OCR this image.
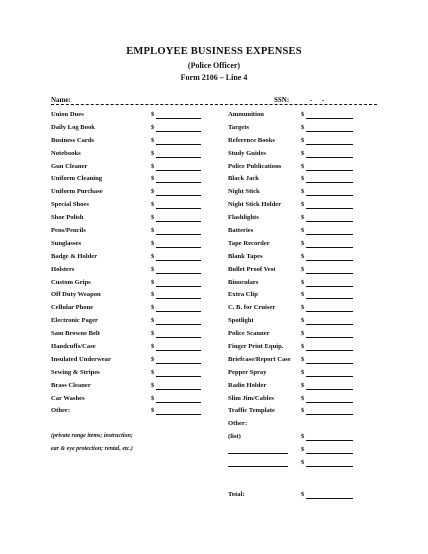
EMPLOYEE BUSINESS EXPENSES
(Police Officer)
Form 2106 – Line 4
Name:	SSN:	-    -
Union Dues	$
Daily Log Book	$
Business Cards	$
Notebooks	$
Gun Cleaner	$
Uniform Cleaning	$
Uniform Purchase	$
Special Shoes	$
Shoe Polish	$
Pens/Pencils	$
Sunglasses	$
Badge & Holder	$
Holsters	$
Custom Grips	$
Off Duty Weapon	$
Cellular Phone	$
Electronic Pager	$
Sam Browne Belt	$
Handcuffs/Case	$
Insulated Underwear	$
Sewing & Stripes	$
Brass Cleaner	$
Car Washes	$
Other:	$
Ammunition	$
Targets	$
Reference Books	$
Study Guides	$
Police Publications	$
Black Jack	$
Night Stick	$
Night Stick Holder	$
Flashlights	$
Batteries	$
Tape Recorder	$
Blank Tapes	$
Bullet Proof Vest	$
Binoculars	$
Extra Clip	$
C. B. for Cruiser	$
Spotlight	$
Police Scanner	$
Finger Print Equip.	$
Briefcase/Report Case $
Pepper Spray	$
Radio Holder	$
Slim Jim/Cables	$
Traffic Template	$
Other:
(list)	$
$
$
(private range items; instruction;
ear & eye protection; rental, etc.)
Total:	$
